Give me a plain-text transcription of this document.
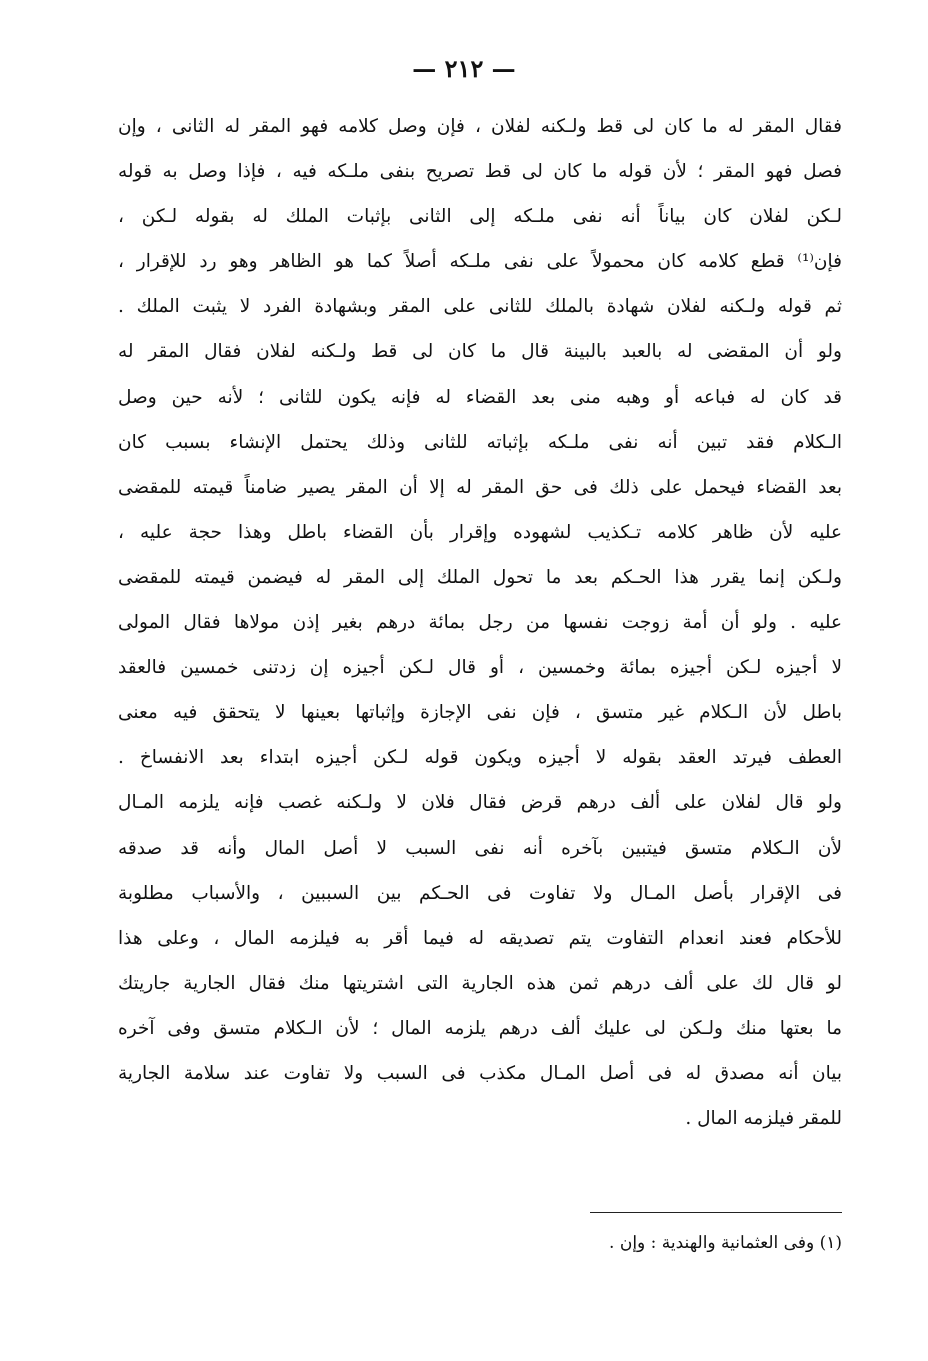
— ٢١٢ —
فقال المقر له ما كان لى قط ولـكنه لفلان ، فإن وصل كلامه فهو المقر له الثانى ، وإن
فصل فهو المقر ؛ لأن قوله ما كان لى قط تصريح بنفى ملـكه فيه ، فإذا وصل به قوله
لـكن لفلان كان بياناً أنه نفى ملـكه إلى الثانى بإثبات الملك له بقوله لـكن ،
فإن⁽¹⁾ قطع كلامه كان محمولاً على نفى ملـكه أصلاً كما هو الظاهر وهو رد للإقرار ،
ثم قوله ولـكنه لفلان شهادة بالملك للثانى على المقر وبشهادة الفرد لا يثبت الملك .
ولو أن المقضى له بالعبد بالبينة قال ما كان لى قط ولـكنه لفلان فقال المقر له
قد كان له فباعه أو وهبه منى بعد القضاء له فإنه يكون للثانى ؛ لأنه حين وصل
الـكلام فقد تبين أنه نفى ملـكه بإثباته للثانى وذلك يحتمل الإنشاء بسبب كان
بعد القضاء فيحمل على ذلك فى حق المقر له إلا أن المقر يصير ضامناً قيمته للمقضى
عليه لأن ظاهر كلامه تـكذيب لشهوده وإقرار بأن القضاء باطل وهذا حجة عليه ،
ولـكن إنما يقرر هذا الحـكم بعد ما تحول الملك إلى المقر له فيضمن قيمته للمقضى
عليه . ولو أن أمة زوجت نفسها من رجل بمائة درهم بغير إذن مولاها فقال المولى
لا أجيزه لـكن أجيزه بمائة وخمسين ، أو قال لـكن أجيزه إن زدتنى خمسين فالعقد
باطل لأن الـكلام غير متسق ، فإن نفى الإجازة وإثباتها بعينها لا يتحقق فيه معنى
العطف فيرتد العقد بقوله لا أجيزه ويكون قوله لـكن أجيزه ابتداء بعد الانفساخ .
ولو قال لفلان على ألف درهم قرض فقال فلان لا ولـكنه غصب فإنه يلزمه المـال
لأن الـكلام متسق فيتبين بآخره أنه نفى السبب لا أصل المال وأنه قد صدقه
فى الإقرار بأصل المـال ولا تفاوت فى الحـكم بين السببين ، والأسباب مطلوبة
للأحكام فعند انعدام التفاوت يتم تصديقه له فيما أقر به فيلزمه المال ، وعلى هذا
لو قال لك على ألف درهم ثمن هذه الجارية التى اشتريتها منك فقال الجارية جاريتك
ما بعتها منك ولـكن لى عليك ألف درهم يلزمه المال ؛ لأن الـكلام متسق وفى آخره
بيان أنه مصدق له فى أصل المـال مكذب فى السبب ولا تفاوت عند سلامة الجارية
للمقر فيلزمه المال .
(١) وفى العثمانية والهندية : وإن .
